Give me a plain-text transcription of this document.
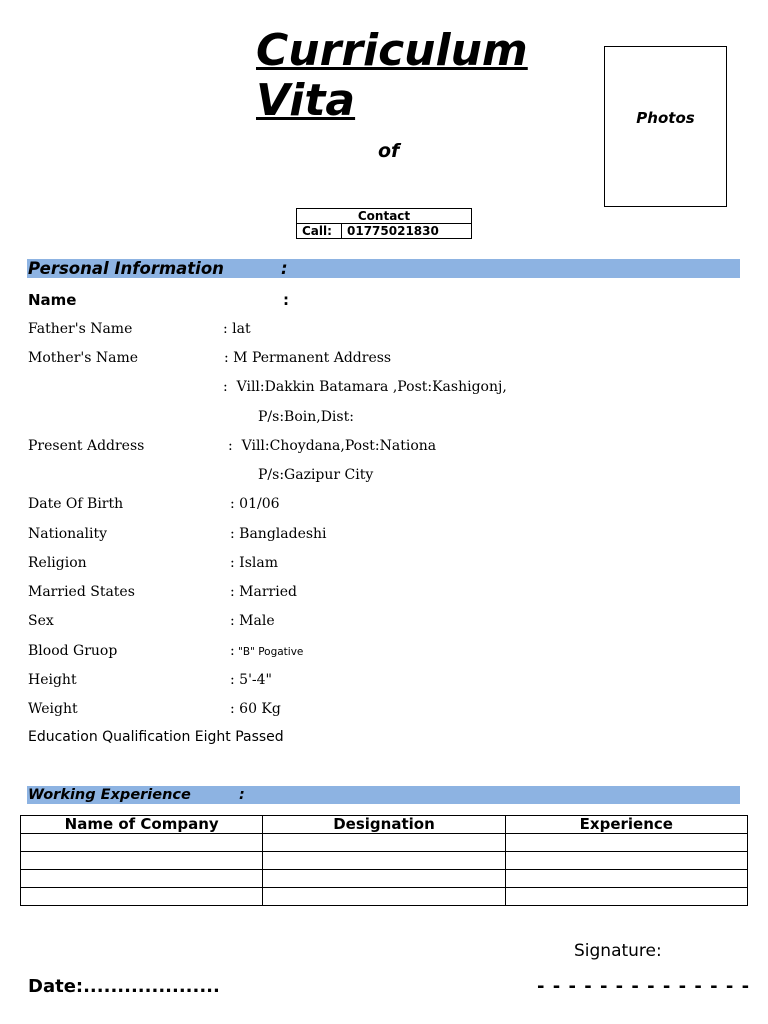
Curriculum
Vita
of
Photos
Contact
Call:	01775021830
Personal Information	:
Name	:
Father's Name	: lat
Mother's Name	: M Permanent Address
:  Vill:Dakkin Batamara ,Post:Kashigonj,
P/s:Boin,Dist:
Present Address	:  Vill:Choydana,Post:Nationa
P/s:Gazipur City
Date Of Birth	: 01/06
Nationality	: Bangladeshi
Religion	: Islam
Married States	: Married
Sex	: Male
Blood Gruop	: "B" Pogative
Height	: 5'-4"
Weight	: 60 Kg
Education Qualification Eight Passed
Working Experience	:
Name of Company	Designation	Experience

Signature:
Date:....................	- - - - - - - - - - - - - -
